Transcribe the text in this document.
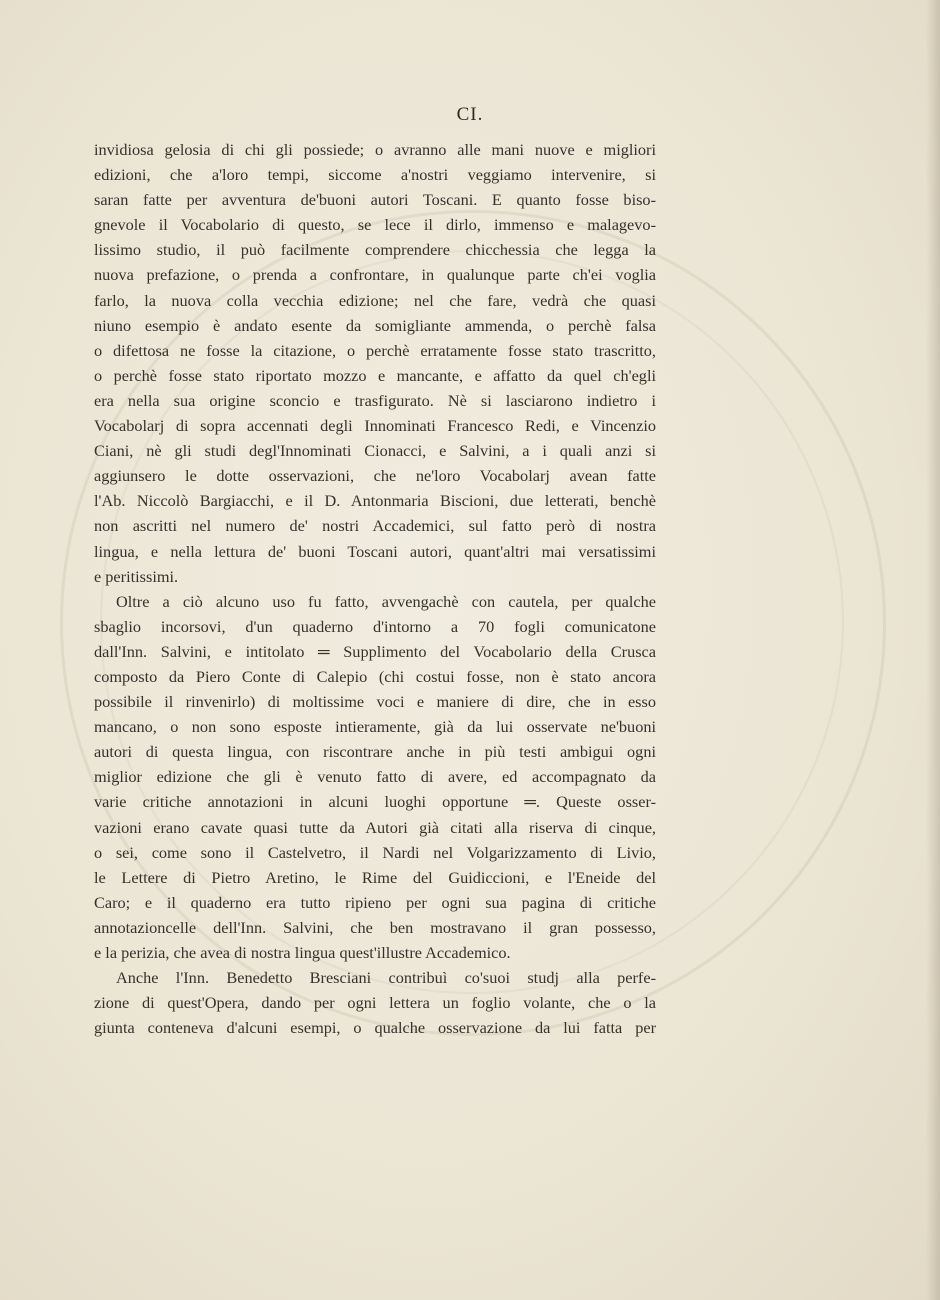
CI.
invidiosa gelosia di chi gli possiede; o avranno alle mani nuove e migliori
edizioni, che a'loro tempi, siccome a'nostri veggiamo intervenire, si
saran fatte per avventura de'buoni autori Toscani. E quanto fosse biso-
gnevole il Vocabolario di questo, se lece il dirlo, immenso e malagevo-
lissimo studio, il può facilmente comprendere chicchessia che legga la
nuova prefazione, o prenda a confrontare, in qualunque parte ch'ei voglia
farlo, la nuova colla vecchia edizione; nel che fare, vedrà che quasi
niuno esempio è andato esente da somigliante ammenda, o perchè falsa
o difettosa ne fosse la citazione, o perchè erratamente fosse stato trascritto,
o perchè fosse stato riportato mozzo e mancante, e affatto da quel ch'egli
era nella sua origine sconcio e trasfigurato. Nè si lasciarono indietro i
Vocabolarj di sopra accennati degli Innominati Francesco Redi, e Vincenzio
Ciani, nè gli studi degl'Innominati Cionacci, e Salvini, a i quali anzi si
aggiunsero le dotte osservazioni, che ne'loro Vocabolarj avean fatte
l'Ab. Niccolò Bargiacchi, e il D. Antonmaria Biscioni, due letterati, benchè
non ascritti nel numero de' nostri Accademici, sul fatto però di nostra
lingua, e nella lettura de' buoni Toscani autori, quant'altri mai versatissimi
e peritissimi.
Oltre a ciò alcuno uso fu fatto, avvengachè con cautela, per qualche
sbaglio incorsovi, d'un quaderno d'intorno a 70 fogli comunicatone
dall'Inn. Salvini, e intitolato ═ Supplimento del Vocabolario della Crusca
composto da Piero Conte di Calepio (chi costui fosse, non è stato ancora
possibile il rinvenirlo) di moltissime voci e maniere di dire, che in esso
mancano, o non sono esposte intieramente, già da lui osservate ne'buoni
autori di questa lingua, con riscontrare anche in più testi ambigui ogni
miglior edizione che gli è venuto fatto di avere, ed accompagnato da
varie critiche annotazioni in alcuni luoghi opportune ═. Queste osser-
vazioni erano cavate quasi tutte da Autori già citati alla riserva di cinque,
o sei, come sono il Castelvetro, il Nardi nel Volgarizzamento di Livio,
le Lettere di Pietro Aretino, le Rime del Guidiccioni, e l'Eneide del
Caro; e il quaderno era tutto ripieno per ogni sua pagina di critiche
annotazioncelle dell'Inn. Salvini, che ben mostravano il gran possesso,
e la perizia, che avea di nostra lingua quest'illustre Accademico.
Anche l'Inn. Benedetto Bresciani contribuì co'suoi studj alla perfe-
zione di quest'Opera, dando per ogni lettera un foglio volante, che o la
giunta conteneva d'alcuni esempi, o qualche osservazione da lui fatta per
